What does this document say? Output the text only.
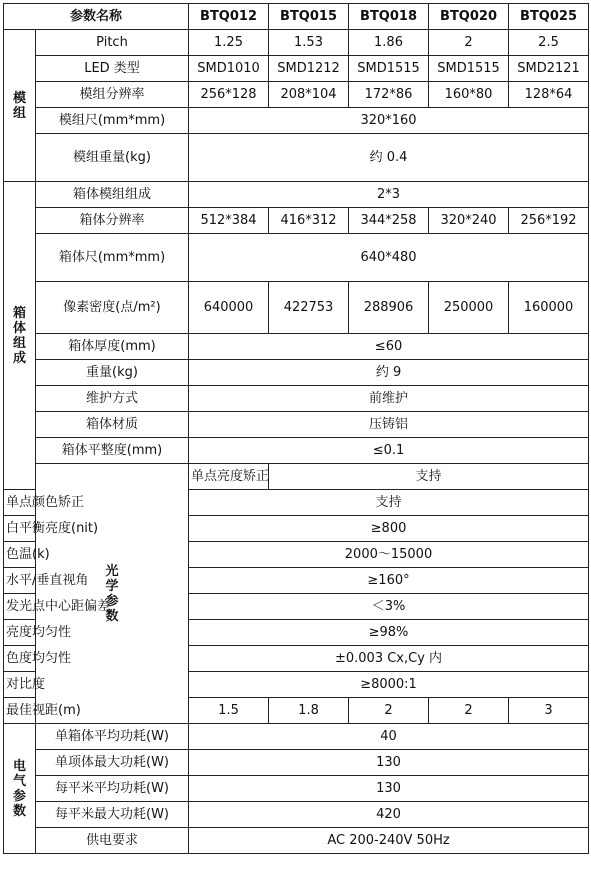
参数名称		BTQ012	BTQ015	BTQ018	BTQ020	BTQ025

模
组	Pitch	1.25	1.53	1.86	2	2.5
	LED 类型	SMD1010	SMD1212	SMD1515	SMD1515	SMD2121
	模组分辨率	256*128	208*104	172*86	160*80	128*64
	模组尺(mm*mm)	320*160				
	模组重量(kg)	约 0.4				

箱
体
组
成	箱体模组组成	2*3				
	箱体分辨率	512*384	416*312	344*258	320*240	256*192
	箱体尺(mm*mm)	640*480				
	像素密度(点/m²)	640000	422753	288906	250000	160000
	箱体厚度(mm)	≤60				
	重量(kg)	约 9				
	维护方式	前维护				
	箱体材质	压铸铝				
	箱体平整度(mm)	≤0.1				

	光
学
参
数	单点亮度矫正	支持			
单点颜色矫正		支持				
白平衡亮度(nit)		≥800				
色温(k)		2000～15000				
水平/垂直视角		≥160°				
发光点中心距偏差		＜3%				
亮度均匀性		≥98%				
色度均匀性		±0.003 Cx,Cy 内				
对比度		≥8000:1				
最佳视距(m)		1.5	1.8	2	2	3

电
气
参
数	单箱体平均功耗(W)	40				
	单项体最大功耗(W)	130				
	每平米平均功耗(W)	130				
	每平米最大功耗(W)	420				
	供电要求	AC 200-240V 50Hz				
